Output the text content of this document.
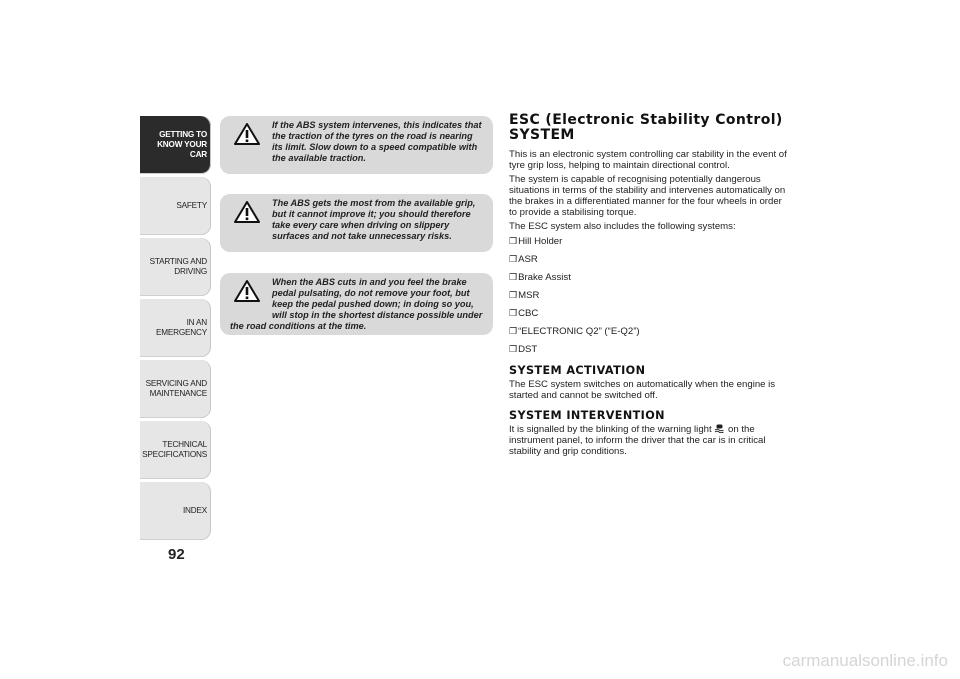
GETTING TO
KNOW YOUR CAR
SAFETY
STARTING AND
DRIVING
IN AN EMERGENCY
SERVICING AND
MAINTENANCE
TECHNICAL
SPECIFICATIONS
INDEX
92
If the ABS system intervenes, this indicates that the traction of the tyres on the road is nearing its limit. Slow down to a speed compatible with the available traction.
The ABS gets the most from the available grip, but it cannot improve it; you should therefore take every care when driving on slippery surfaces and not take unnecessary risks.
When the ABS cuts in and you feel the brake pedal pulsating, do not remove your foot, but keep the pedal pushed down; in doing so you, will stop in the shortest distance possible under the road conditions at the time.
ESC (Electronic Stability Control) SYSTEM

This is an electronic system controlling car stability in the event of tyre grip loss, helping to maintain directional control.

The system is capable of recognising potentially dangerous situations in terms of the stability and intervenes automatically on the brakes in a differentiated manner for the four wheels in order to provide a stabilising torque.

The ESC system also includes the following systems:

❒Hill Holder
❒ASR
❒Brake Assist
❒MSR
❒CBC
❒“ELECTRONIC Q2” (“E-Q2”)
❒DST
SYSTEM ACTIVATION

The ESC system switches on automatically when the engine is started and cannot be switched off.

SYSTEM INTERVENTION

It is signalled by the blinking of the warning light on the instrument panel, to inform the driver that the car is in critical stability and grip conditions.

carmanualsonline.info
